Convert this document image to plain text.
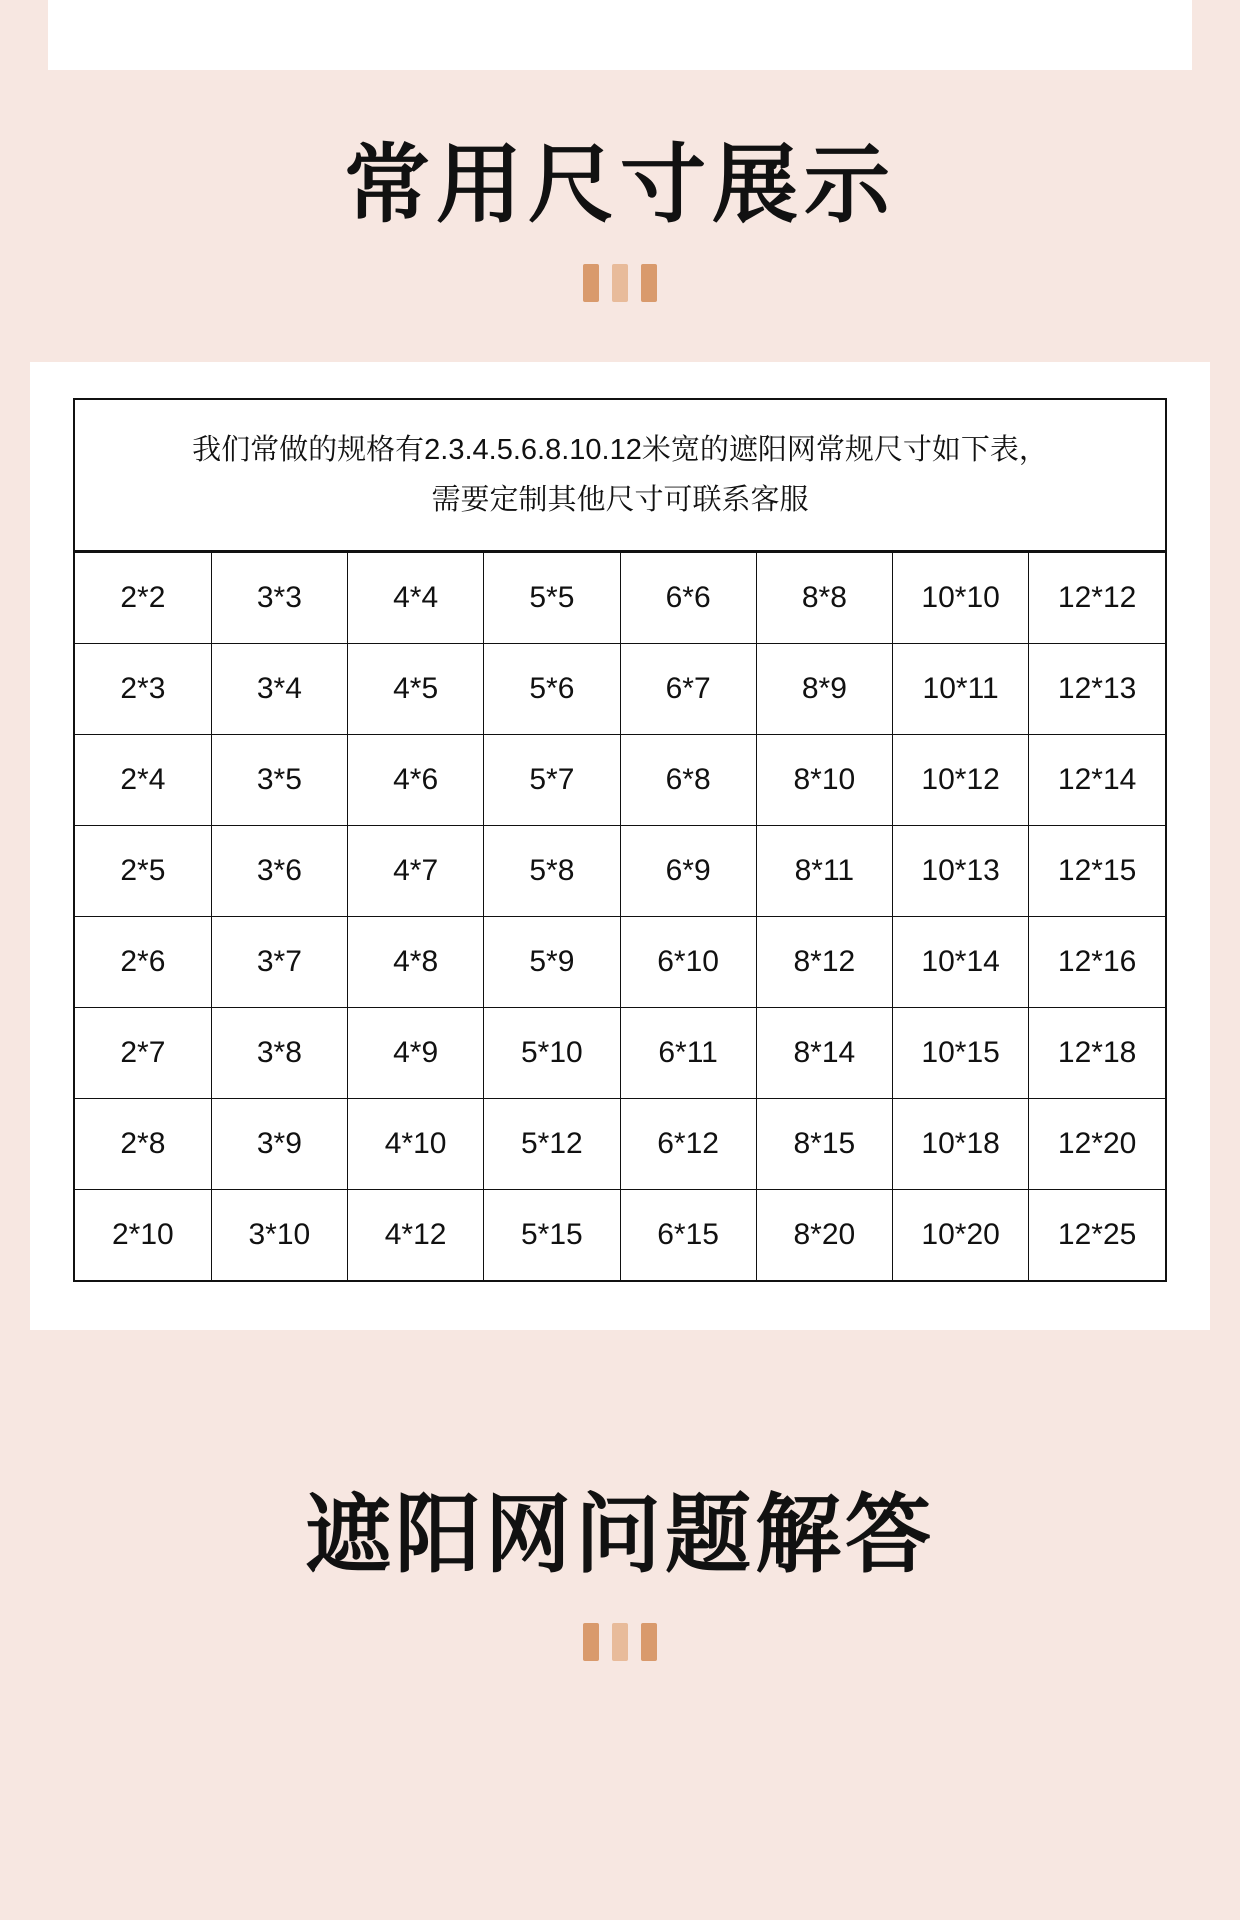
常用尺寸展示
我们常做的规格有2.3.4.5.6.8.10.12米宽的遮阳网常规尺寸如下表，
需要定制其他尺寸可联系客服
2*2	3*3	4*4	5*5	6*6	8*8	10*10	12*12
2*3	3*4	4*5	5*6	6*7	8*9	10*11	12*13
2*4	3*5	4*6	5*7	6*8	8*10	10*12	12*14
2*5	3*6	4*7	5*8	6*9	8*11	10*13	12*15
2*6	3*7	4*8	5*9	6*10	8*12	10*14	12*16
2*7	3*8	4*9	5*10	6*11	8*14	10*15	12*18
2*8	3*9	4*10	5*12	6*12	8*15	10*18	12*20
2*10	3*10	4*12	5*15	6*15	8*20	10*20	12*25
遮阳网问题解答
